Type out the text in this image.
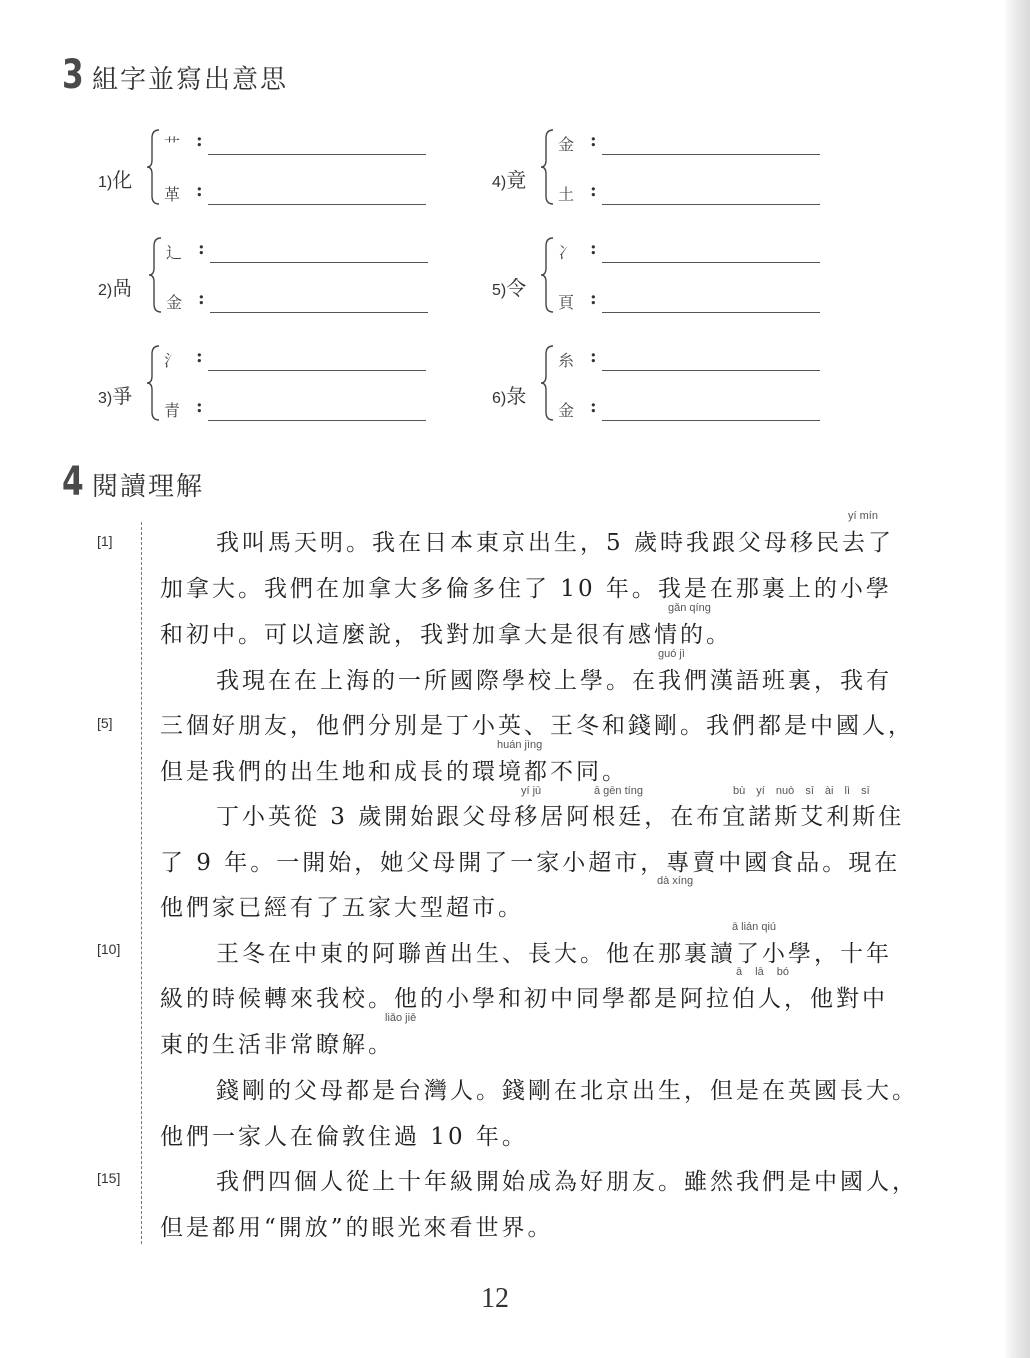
3 組字並寫出意思
1)化
艹 :
革 :
2)咼
辶 :
金 :
3)爭
氵 :
青 :
4)竟
金 :
土 :
5)令
冫 :
頁 :
6)彔
糸 :
金 :
4 閱讀理解
我叫馬天明。我在日本東京出生，5 歲時我跟父母移民去了
加拿大。我們在加拿大多倫多住了 10 年。我是在那裏上的小學
和初中。可以這麼說，我對加拿大是很有感情的。
我現在在上海的一所國際學校上學。在我們漢語班裏，我有
三個好朋友，他們分別是丁小英、王冬和錢剛。我們都是中國人，
但是我們的出生地和成長的環境都不同。
丁小英從 3 歲開始跟父母移居阿根廷，在布宜諾斯艾利斯住
了 9 年。一開始，她父母開了一家小超市，專賣中國食品。現在
他們家已經有了五家大型超市。
王冬在中東的阿聯酋出生、長大。他在那裏讀了小學，十年
級的時候轉來我校。他的小學和初中同學都是阿拉伯人，他對中
東的生活非常瞭解。
錢剛的父母都是台灣人。錢剛在北京出生，但是在英國長大。
他們一家人在倫敦住過 10 年。
我們四個人從上十年級開始成為好朋友。雖然我們是中國人，
但是都用“開放”的眼光來看世界。
[1]
[5]
[10]
[15]
yí mín
gǎn qíng
guó jì
huán jìng
yí jū	ā gēn tíng	bù yí nuò sī ài lì sī
dà xíng
ā lián qiú
ā lā bó
liǎo jiě
12
